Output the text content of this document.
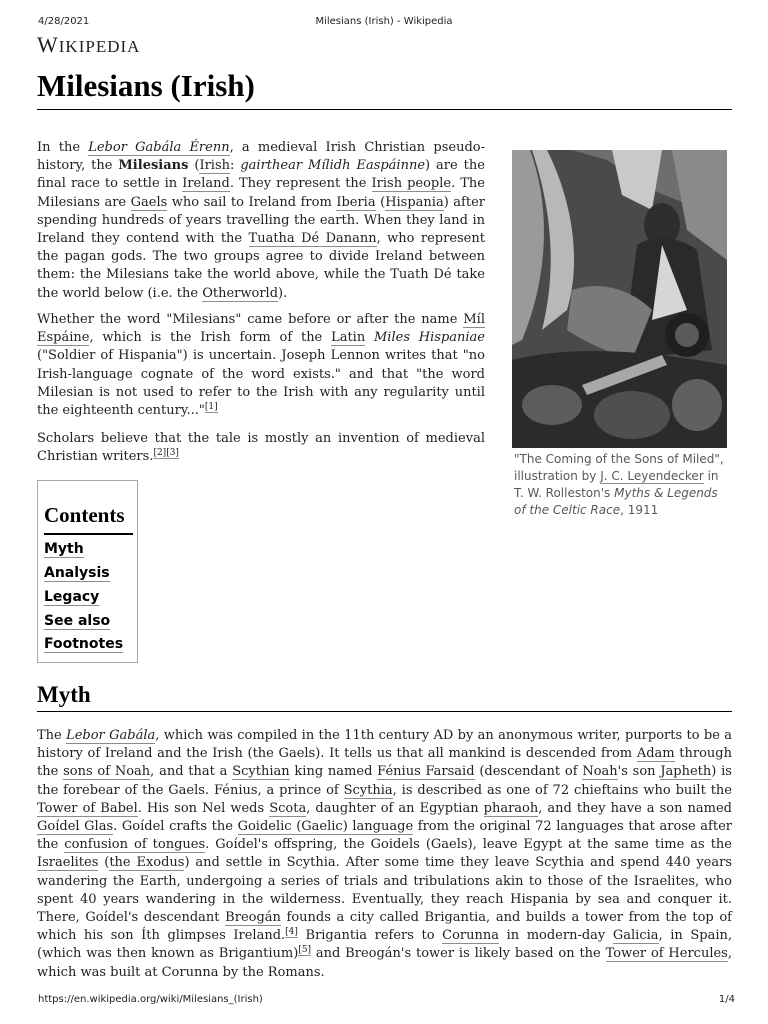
4/28/2021	Milesians (Irish) - Wikipedia
WIKIPEDIA
Milesians (Irish)

In the Lebor Gabála Érenn, a medieval Irish Christian pseudo-history, the Milesians (Irish: gairthear Mílidh Easpáinne) are the final race to settle in Ireland. They represent the Irish people. The Milesians are Gaels who sail to Ireland from Iberia (Hispania) after spending hundreds of years travelling the earth. When they land in Ireland they contend with the Tuatha Dé Danann, who represent the pagan gods. The two groups agree to divide Ireland between them: the Milesians take the world above, while the Tuath Dé take the world below (i.e. the Otherworld).

Whether the word "Milesians" came before or after the name Míl Espáine, which is the Irish form of the Latin Miles Hispaniae ("Soldier of Hispania") is uncertain. Joseph Lennon writes that "no Irish-language cognate of the word exists." and that "the word Milesian is not used to refer to the Irish with any regularity until the eighteenth century..."[1]

Scholars believe that the tale is mostly an invention of medieval Christian writers.[2][3]	"The Coming of the Sons of Miled", illustration by J. C. Leyendecker in T. W. Rolleston's Myths & Legends of the Celtic Race, 1911
Contents
Myth
Analysis
Legacy
See also
Footnotes
Myth

The Lebor Gabála, which was compiled in the 11th century AD by an anonymous writer, purports to be a history of Ireland and the Irish (the Gaels). It tells us that all mankind is descended from Adam through the sons of Noah, and that a Scythian king named Fénius Farsaid (descendant of Noah's son Japheth) is the forebear of the Gaels. Fénius, a prince of Scythia, is described as one of 72 chieftains who built the Tower of Babel. His son Nel weds Scota, daughter of an Egyptian pharaoh, and they have a son named Goídel Glas. Goídel crafts the Goidelic (Gaelic) language from the original 72 languages that arose after the confusion of tongues. Goídel's offspring, the Goidels (Gaels), leave Egypt at the same time as the Israelites (the Exodus) and settle in Scythia. After some time they leave Scythia and spend 440 years wandering the Earth, undergoing a series of trials and tribulations akin to those of the Israelites, who spent 40 years wandering in the wilderness. Eventually, they reach Hispania by sea and conquer it. There, Goídel's descendant Breogán founds a city called Brigantia, and builds a tower from the top of which his son Íth glimpses Ireland.[4] Brigantia refers to Corunna in modern-day Galicia, in Spain, (which was then known as Brigantium)[5] and Breogán's tower is likely based on the Tower of Hercules, which was built at Corunna by the Romans.

https://en.wikipedia.org/wiki/Milesians_(Irish)	1/4
